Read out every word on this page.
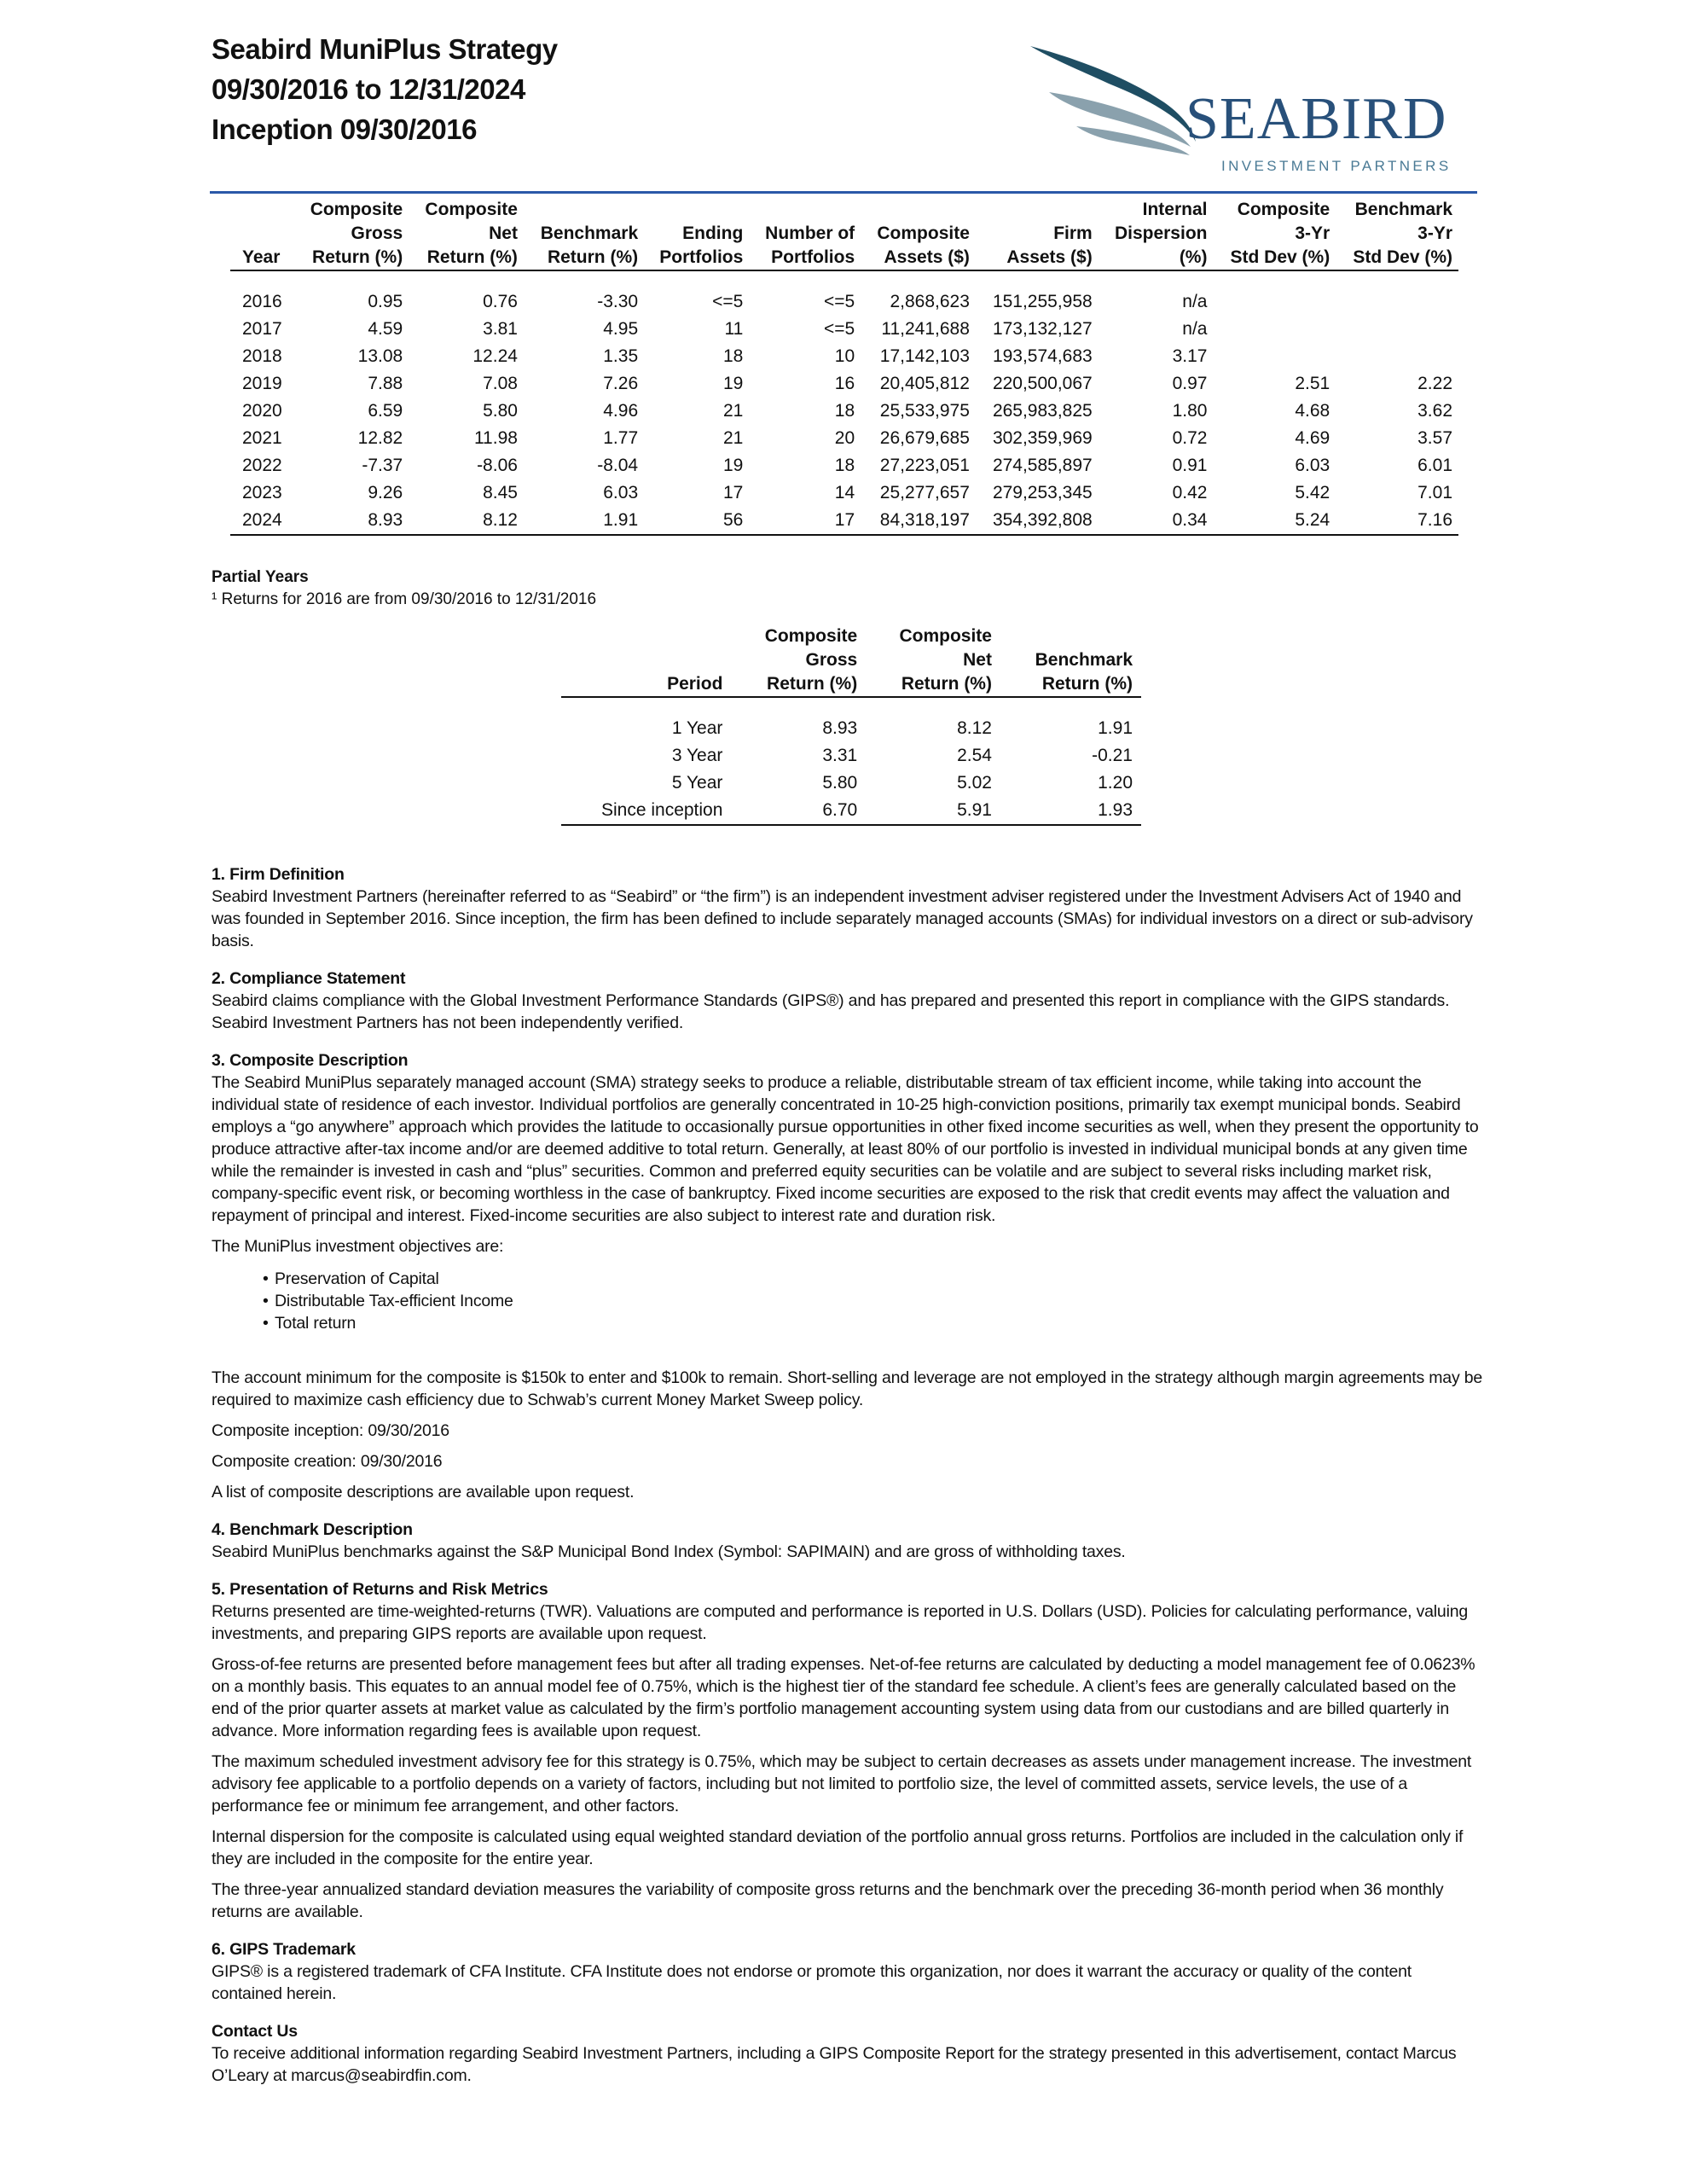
Seabird MuniPlus Strategy
09/30/2016 to 12/31/2024
Inception 09/30/2016	SEABIRD
INVESTMENT PARTNERS
Year	Composite
Gross
Return (%)	Composite
Net
Return (%)	Benchmark
Return (%)	Ending
Portfolios	Number of
Portfolios	Composite
Assets ($)	Firm
Assets ($)	Internal
Dispersion
(%)	Composite
3-Yr
Std Dev (%)	Benchmark
3-Yr
Std Dev (%)

2016	0.95	0.76	-3.30	<=5	<=5	2,868,623	151,255,958	n/a		
2017	4.59	3.81	4.95	11	<=5	11,241,688	173,132,127	n/a		
2018	13.08	12.24	1.35	18	10	17,142,103	193,574,683	3.17		
2019	7.88	7.08	7.26	19	16	20,405,812	220,500,067	0.97	2.51	2.22
2020	6.59	5.80	4.96	21	18	25,533,975	265,983,825	1.80	4.68	3.62
2021	12.82	11.98	1.77	21	20	26,679,685	302,359,969	0.72	4.69	3.57
2022	-7.37	-8.06	-8.04	19	18	27,223,051	274,585,897	0.91	6.03	6.01
2023	9.26	8.45	6.03	17	14	25,277,657	279,253,345	0.42	5.42	7.01
2024	8.93	8.12	1.91	56	17	84,318,197	354,392,808	0.34	5.24	7.16
Partial Years
¹ Returns for 2016 are from 09/30/2016 to 12/31/2016
Period	Composite
Gross
Return (%)	Composite
Net
Return (%)	Benchmark
Return (%)

1 Year	8.93	8.12	1.91
3 Year	3.31	2.54	-0.21
5 Year	5.80	5.02	1.20
Since inception	6.70	5.91	1.93
1. Firm Definition
Seabird Investment Partners (hereinafter referred to as “Seabird” or “the firm”) is an independent investment adviser registered under the Investment Advisers Act of 1940 and was founded in September 2016. Since inception, the firm has been defined to include separately managed accounts (SMAs) for individual investors on a direct or sub-advisory basis.
2. Compliance Statement
Seabird claims compliance with the Global Investment Performance Standards (GIPS®) and has prepared and presented this report in compliance with the GIPS standards. Seabird Investment Partners has not been independently verified.
3. Composite Description
The Seabird MuniPlus separately managed account (SMA) strategy seeks to produce a reliable, distributable stream of tax efficient income, while taking into account the individual state of residence of each investor. Individual portfolios are generally concentrated in 10-25 high-conviction positions, primarily tax exempt municipal bonds. Seabird employs a “go anywhere” approach which provides the latitude to occasionally pursue opportunities in other fixed income securities as well, when they present the opportunity to produce attractive after-tax income and/or are deemed additive to total return. Generally, at least 80% of our portfolio is invested in individual municipal bonds at any given time while the remainder is invested in cash and “plus” securities. Common and preferred equity securities can be volatile and are subject to several risks including market risk, company-specific event risk, or becoming worthless in the case of bankruptcy. Fixed income securities are exposed to the risk that credit events may affect the valuation and repayment of principal and interest. Fixed-income securities are also subject to interest rate and duration risk.
The MuniPlus investment objectives are:
• Preservation of Capital
• Distributable Tax-efficient Income
• Total return
The account minimum for the composite is $150k to enter and $100k to remain. Short-selling and leverage are not employed in the strategy although margin agreements may be required to maximize cash efficiency due to Schwab’s current Money Market Sweep policy.
Composite inception: 09/30/2016
Composite creation: 09/30/2016
A list of composite descriptions are available upon request.
4. Benchmark Description
Seabird MuniPlus benchmarks against the S&P Municipal Bond Index (Symbol: SAPIMAIN) and are gross of withholding taxes.
5. Presentation of Returns and Risk Metrics
Returns presented are time-weighted-returns (TWR). Valuations are computed and performance is reported in U.S. Dollars (USD). Policies for calculating performance, valuing investments, and preparing GIPS reports are available upon request.
Gross-of-fee returns are presented before management fees but after all trading expenses. Net-of-fee returns are calculated by deducting a model management fee of 0.0623% on a monthly basis. This equates to an annual model fee of 0.75%, which is the highest tier of the standard fee schedule. A client’s fees are generally calculated based on the end of the prior quarter assets at market value as calculated by the firm’s portfolio management accounting system using data from our custodians and are billed quarterly in advance. More information regarding fees is available upon request.
The maximum scheduled investment advisory fee for this strategy is 0.75%, which may be subject to certain decreases as assets under management increase. The investment advisory fee applicable to a portfolio depends on a variety of factors, including but not limited to portfolio size, the level of committed assets, service levels, the use of a performance fee or minimum fee arrangement, and other factors.
Internal dispersion for the composite is calculated using equal weighted standard deviation of the portfolio annual gross returns. Portfolios are included in the calculation only if they are included in the composite for the entire year.
The three-year annualized standard deviation measures the variability of composite gross returns and the benchmark over the preceding 36-month period when 36 monthly returns are available.
6. GIPS Trademark
GIPS® is a registered trademark of CFA Institute. CFA Institute does not endorse or promote this organization, nor does it warrant the accuracy or quality of the content contained herein.
Contact Us
To receive additional information regarding Seabird Investment Partners, including a GIPS Composite Report for the strategy presented in this advertisement, contact Marcus O’Leary at marcus@seabirdfin.com.
